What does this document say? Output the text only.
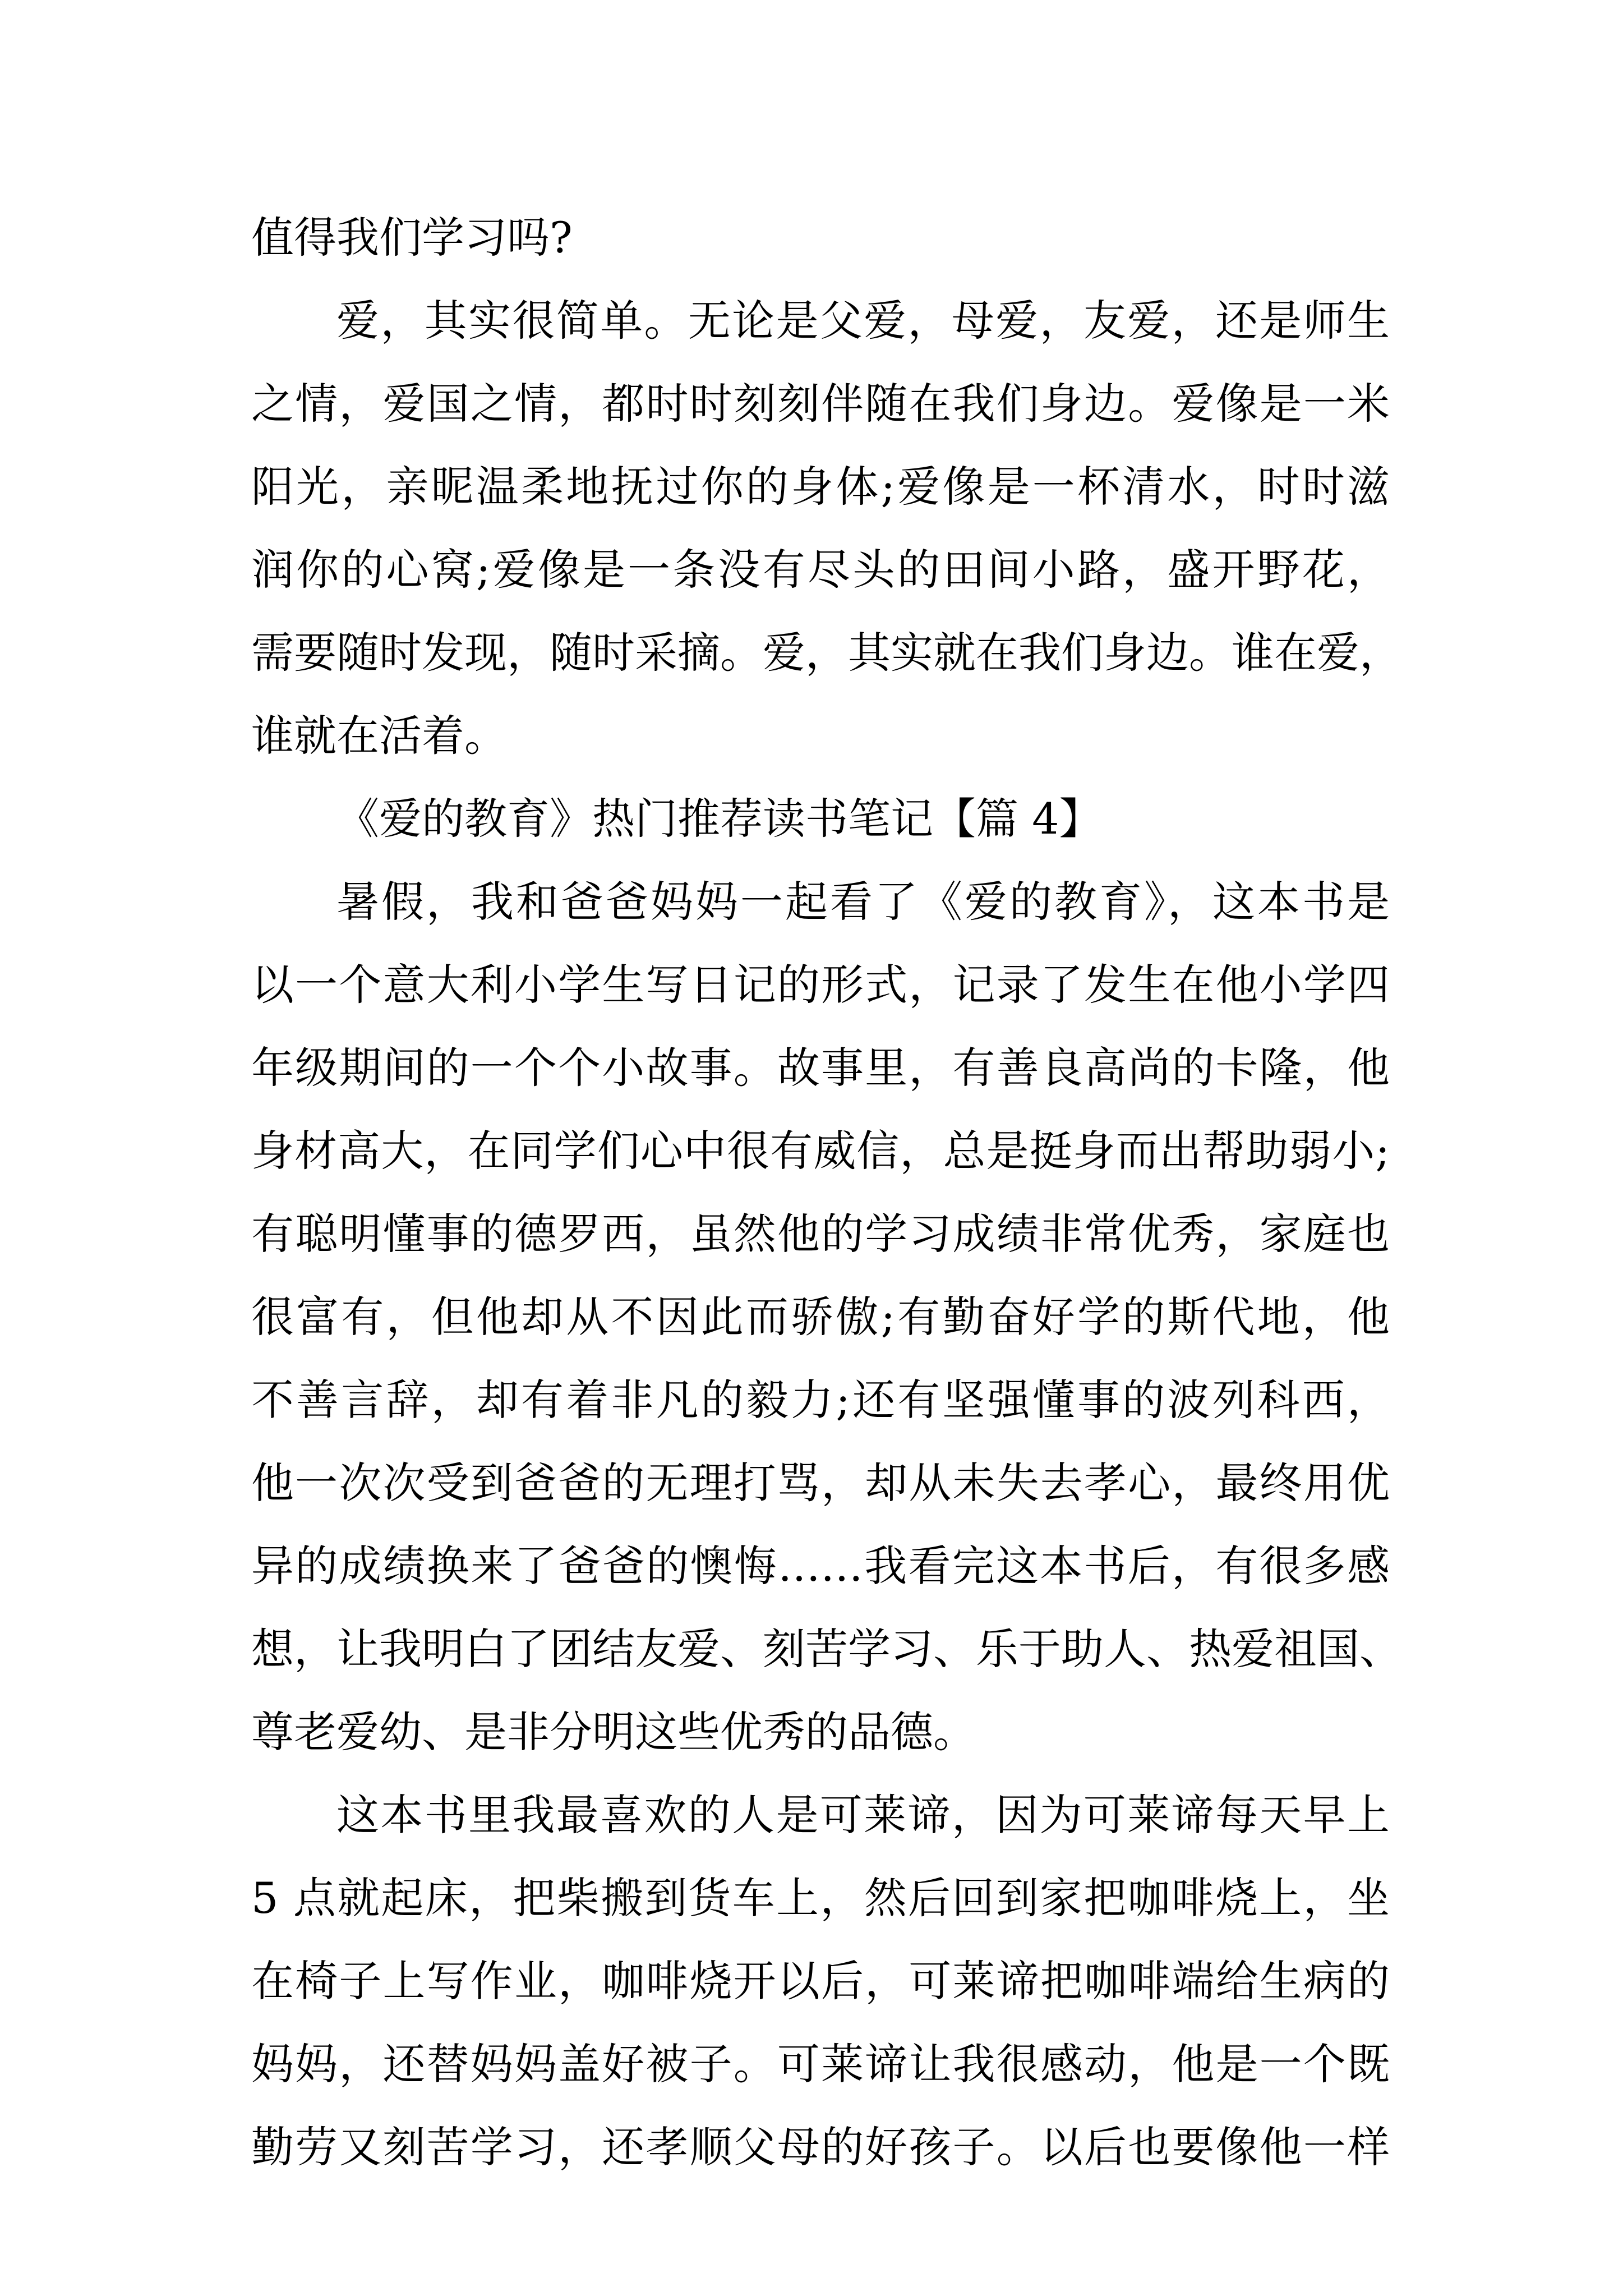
值得我们学习吗?
爱，其实很简单。无论是父爱，母爱，友爱，还是师生
之情，爱国之情，都时时刻刻伴随在我们身边。爱像是一米
阳光，亲昵温柔地抚过你的身体;爱像是一杯清水，时时滋
润你的心窝;爱像是一条没有尽头的田间小路，盛开野花，
需要随时发现，随时采摘。爱，其实就在我们身边。谁在爱，
谁就在活着。
《爱的教育》热门推荐读书笔记【篇 4】
暑假，我和爸爸妈妈一起看了《爱的教育》，这本书是
以一个意大利小学生写日记的形式，记录了发生在他小学四
年级期间的一个个小故事。故事里，有善良高尚的卡隆，他
身材高大，在同学们心中很有威信，总是挺身而出帮助弱小;
有聪明懂事的德罗西，虽然他的学习成绩非常优秀，家庭也
很富有，但他却从不因此而骄傲;有勤奋好学的斯代地，他
不善言辞，却有着非凡的毅力;还有坚强懂事的波列科西，
他一次次受到爸爸的无理打骂，却从未失去孝心，最终用优
异的成绩换来了爸爸的懊悔……我看完这本书后，有很多感
想，让我明白了团结友爱、刻苦学习、乐于助人、热爱祖国、
尊老爱幼、是非分明这些优秀的品德。
这本书里我最喜欢的人是可莱谛，因为可莱谛每天早上
5 点就起床，把柴搬到货车上，然后回到家把咖啡烧上，坐
在椅子上写作业，咖啡烧开以后，可莱谛把咖啡端给生病的
妈妈，还替妈妈盖好被子。可莱谛让我很感动，他是一个既
勤劳又刻苦学习，还孝顺父母的好孩子。以后也要像他一样
